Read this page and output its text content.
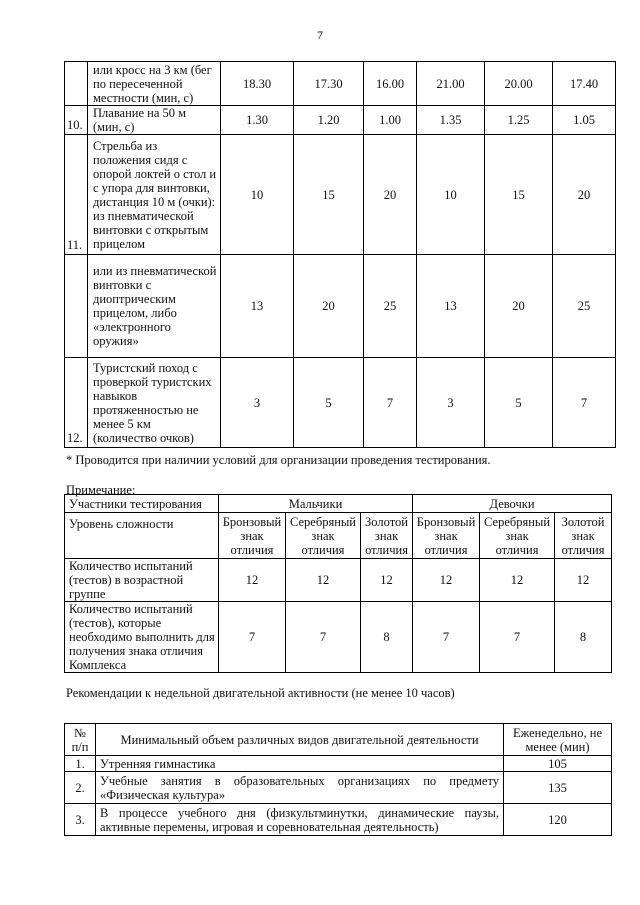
7
	или кросс на 3 км (бег по пересеченной местности (мин, с)	18.30	17.30	16.00	21.00	20.00	17.40
10.	Плавание на 50 м (мин, с)	1.30	1.20	1.00	1.35	1.25	1.05
11.	Стрельба из положения сидя с опорой локтей о стол и с упора для винтовки, дистанция 10 м (очки): из пневматической винтовки с открытым прицелом	10	15	20	10	15	20
	или из пневматической винтовки с диоптрическим прицелом, либо «электронного оружия»	13	20	25	13	20	25
12.	Туристский поход с проверкой туристских навыков протяженностью не менее 5 км (количество очков)	3	5	7	3	5	7
* Проводится при наличии условий для организации проведения тестирования.
Примечание:
Участники тестирования	Мальчики			Девочки		
Уровень сложности	Бронзовый знак отличия	Серебряный знак отличия	Золотой знак отличия	Бронзовый знак отличия	Серебряный знак отличия	Золотой знак отличия
Количество испытаний (тестов) в возрастной группе	12	12	12	12	12	12
Количество испытаний (тестов), которые необходимо выполнить для получения знака отличия Комплекса	7	7	8	7	7	8
Рекомендации к недельной двигательной активности (не менее 10 часов)
№ п/п	Минимальный объем различных видов двигательной деятельности	Еженедельно, не менее (мин)
1.	Утренняя гимнастика	105
2.	Учебные занятия в образовательных организациях по предмету «Физическая культура»	135
3.	В процессе учебного дня (физкультминутки, динамические паузы, активные перемены, игровая и соревновательная деятельность)	120
